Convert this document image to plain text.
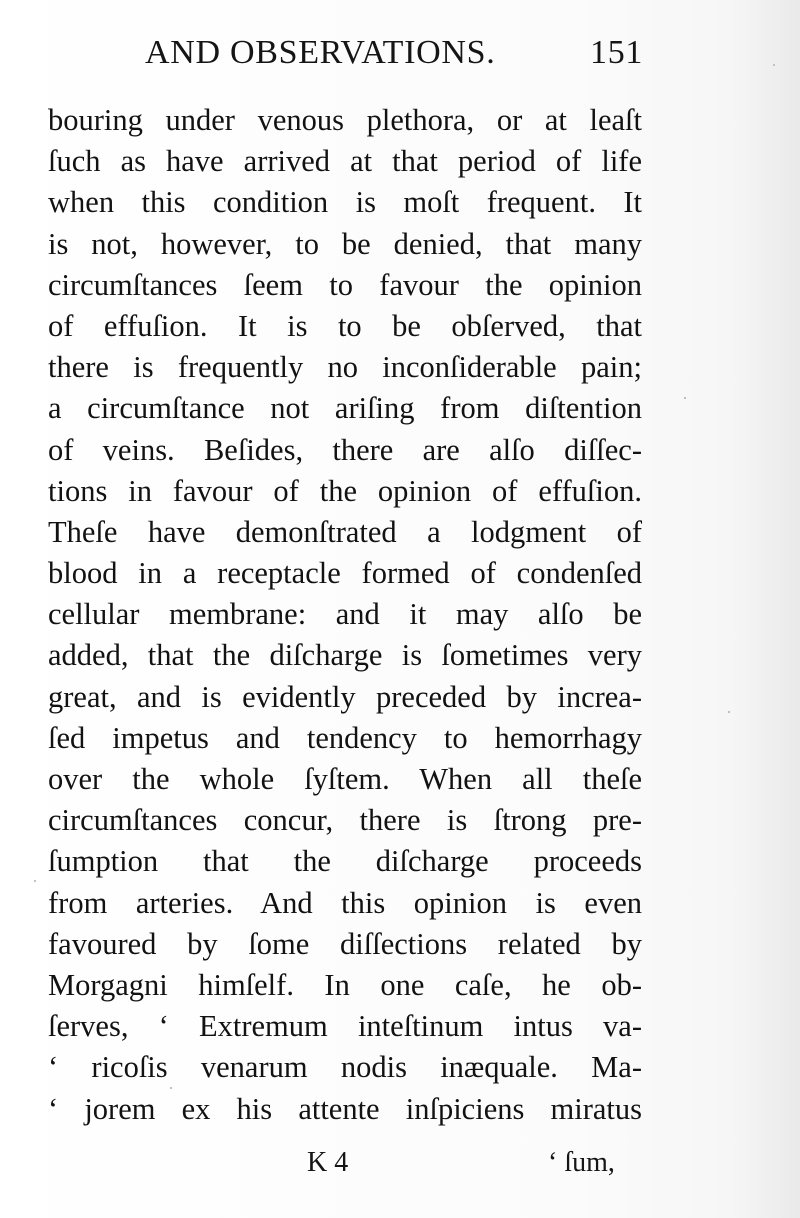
AND OBSERVATIONS.	151
bouring under venous plethora, or at leaſt
ſuch as have arrived at that period of life
when this condition is moſt frequent. It
is not, however, to be denied, that many
circumſtances ſeem to favour the opinion
of effuſion. It is to be obſerved, that
there is frequently no inconſiderable pain;
a circumſtance not ariſing from diſtention
of veins. Beſides, there are alſo diſſec-
tions in favour of the opinion of effuſion.
Theſe have demonſtrated a lodgment of
blood in a receptacle formed of condenſed
cellular membrane: and it may alſo be
added, that the diſcharge is ſometimes very
great, and is evidently preceded by increa-
ſed impetus and tendency to hemorrhagy
over the whole ſyſtem. When all theſe
circumſtances concur, there is ſtrong pre-
ſumption that the diſcharge proceeds
from arteries. And this opinion is even
favoured by ſome diſſections related by
Morgagni himſelf. In one caſe, he ob-
ſerves, ‘ Extremum inteſtinum intus va-
‘ ricoſis venarum nodis inæquale. Ma-
‘ jorem ex his attente inſpiciens miratus
K 4	‘ ſum,
